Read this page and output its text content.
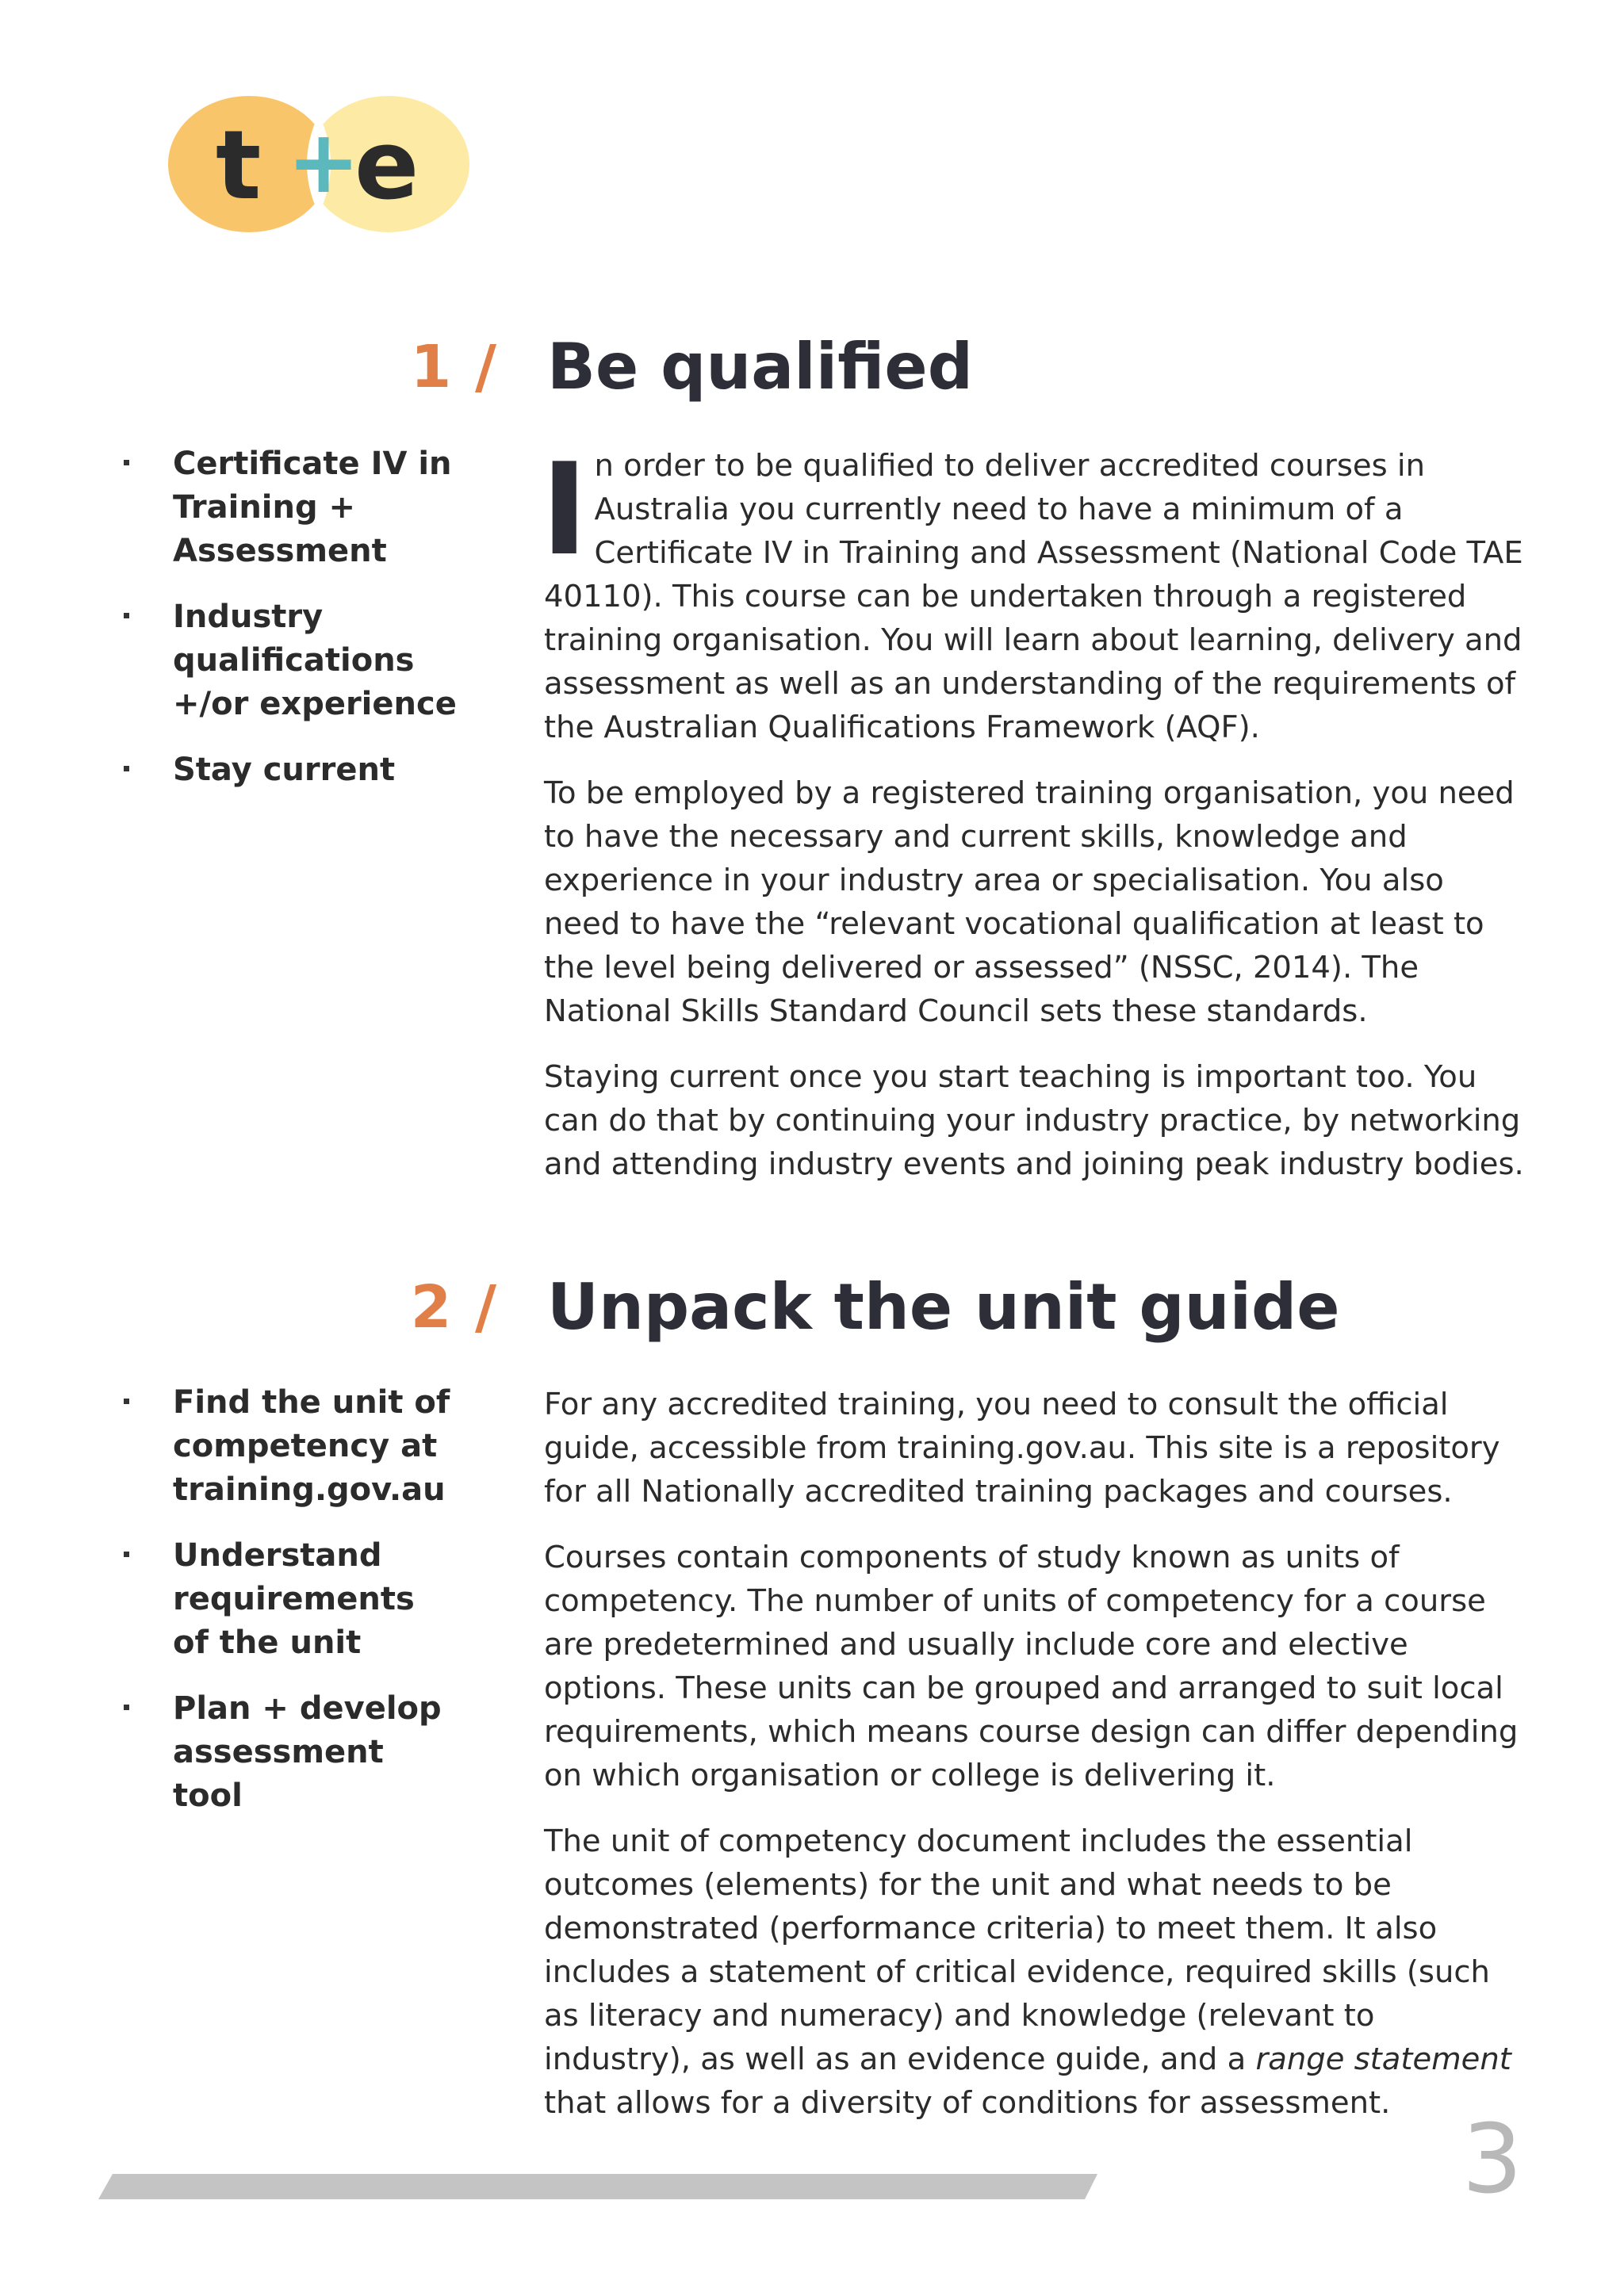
t +
e
1 / Be qualified
Certificate IV in Training + Assessment
Industry qualifications +/or experience
Stay current

In order to be qualified to deliver accredited courses in Australia you currently need to have a minimum of a Certificate IV in Training and Assessment (National Code TAE 40110). This course can be undertaken through a registered training organisation. You will learn about learning, delivery and assessment as well as an understanding of the requirements of the Australian Qualifications Framework (AQF).

To be employed by a registered training organisation, you need to have the necessary and current skills, knowledge and experience in your industry area or specialisation. You also need to have the “relevant vocational qualification at least to the level being delivered or assessed” (NSSC, 2014). The National Skills Standard Council sets these standards.

Staying current once you start teaching is important too. You can do that by continuing your industry practice, by networking and attending industry events and joining peak industry bodies.

2 / Unpack the unit guide
Find the unit of competency at training.gov.au
Understand requirements of the unit
Plan + develop assessment tool

For any accredited training, you need to consult the official guide, accessible from training.gov.au. This site is a repository for all Nationally accredited training packages and courses.

Courses contain components of study known as units of competency. The number of units of competency for a course are predetermined and usually include core and elective options. These units can be grouped and arranged to suit local requirements, which means course design can differ depending on which organisation or college is delivering it.

The unit of competency document includes the essential outcomes (elements) for the unit and what needs to be demonstrated (performance criteria) to meet them. It also includes a statement of critical evidence, required skills (such as literacy and numeracy) and knowledge (relevant to industry), as well as an evidence guide, and a range statement that allows for a diversity of conditions for assessment.

3
